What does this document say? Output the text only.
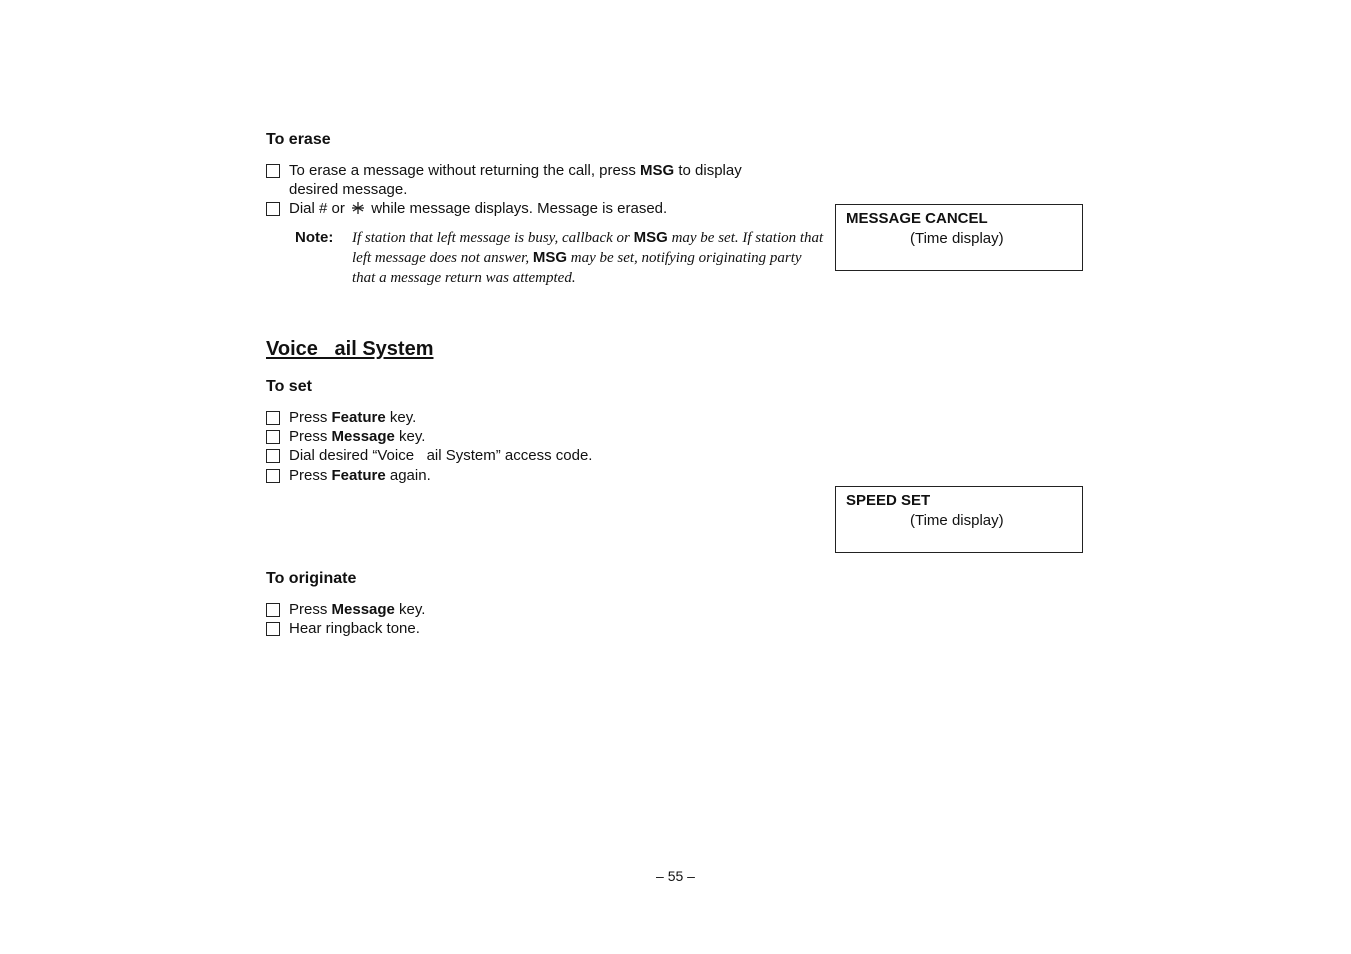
To erase
To erase a message without returning the call, press MSG to display desired message.
Dial # or  while message displays. Message is erased.
Note: If station that left message is busy, callback or MSG may be set. If station that left message does not answer, MSG may be set, notifying originating party that a message return was attempted.
MESSAGE CANCEL
(Time display)
Voice   ail System
To set
Press Feature key.
Press Message key.
Dial desired “Voice   ail System” access code.
Press Feature again.
SPEED SET
(Time display)
To originate
Press Message key.
Hear ringback tone.
– 55 –
